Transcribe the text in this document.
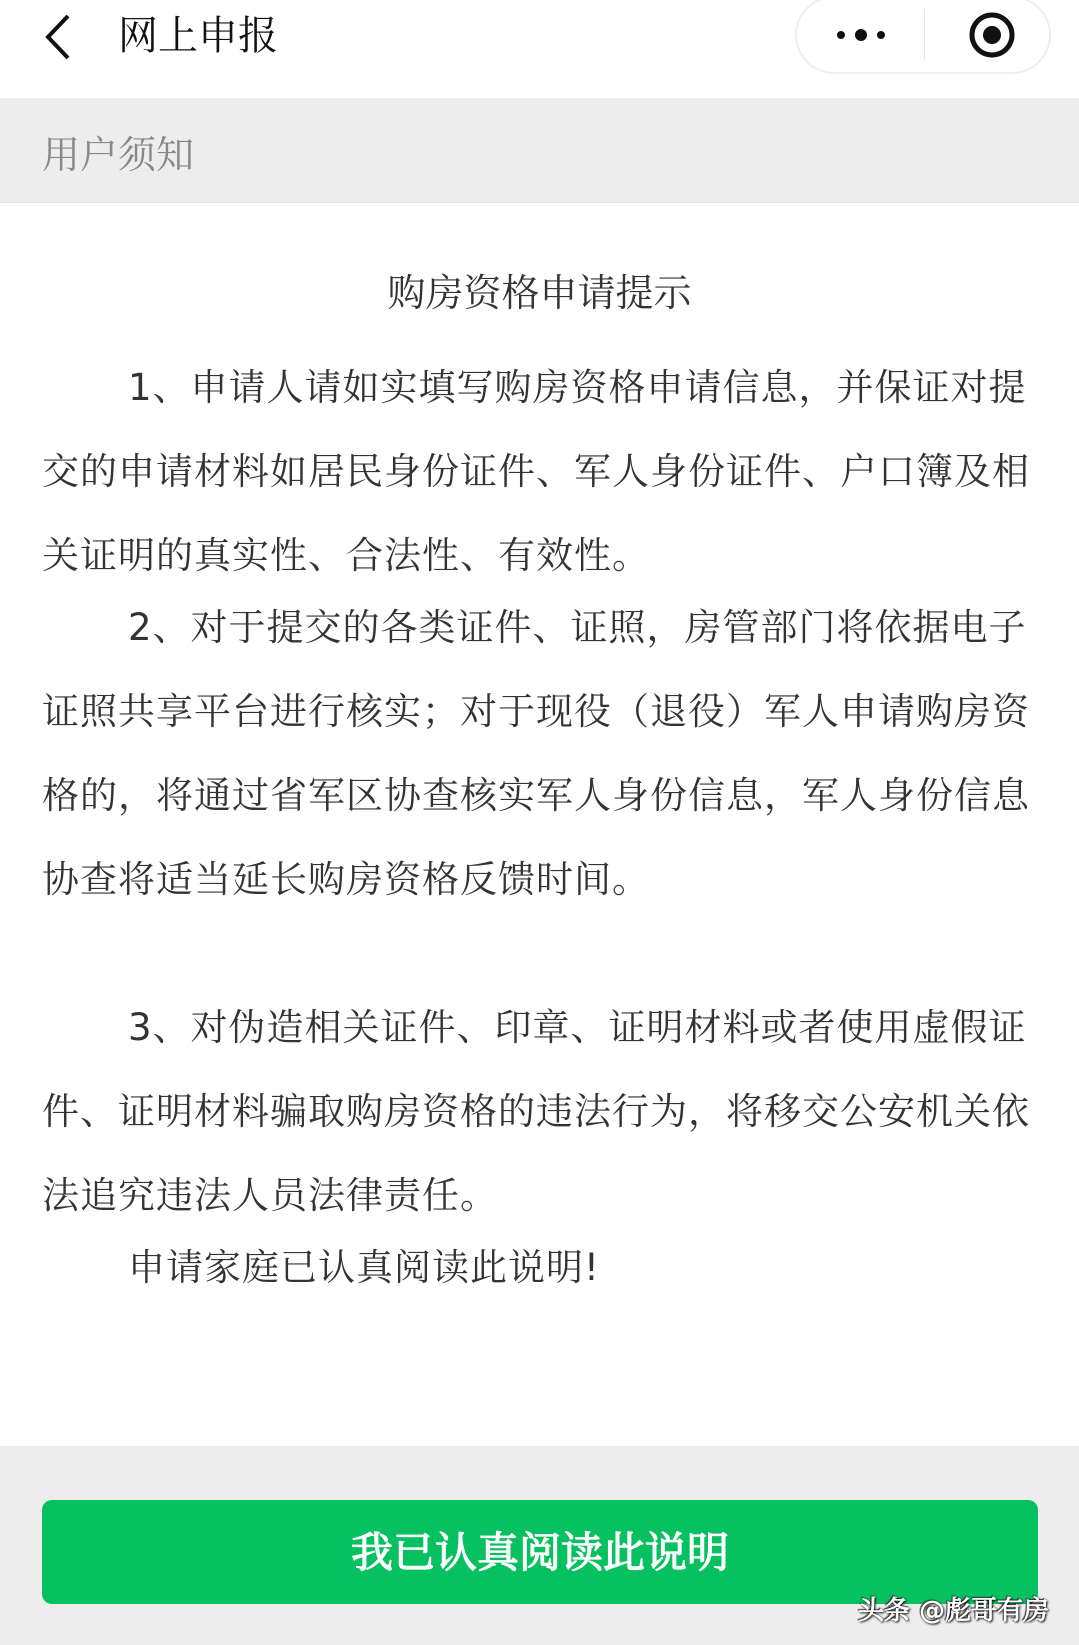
网上申报
用户须知
购房资格申请提示
1、申请人请如实填写购房资格申请信息，并保证对提交的申请材料如居民身份证件、军人身份证件、户口簿及相关证明的真实性、合法性、有效性。
2、对于提交的各类证件、证照，房管部门将依据电子证照共享平台进行核实；对于现役（退役）军人申请购房资格的，将通过省军区协查核实军人身份信息，军人身份信息协查将适当延长购房资格反馈时间。
3、对伪造相关证件、印章、证明材料或者使用虚假证件、证明材料骗取购房资格的违法行为，将移交公安机关依法追究违法人员法律责任。
申请家庭已认真阅读此说明!
我已认真阅读此说明
头条 @彪哥有房
